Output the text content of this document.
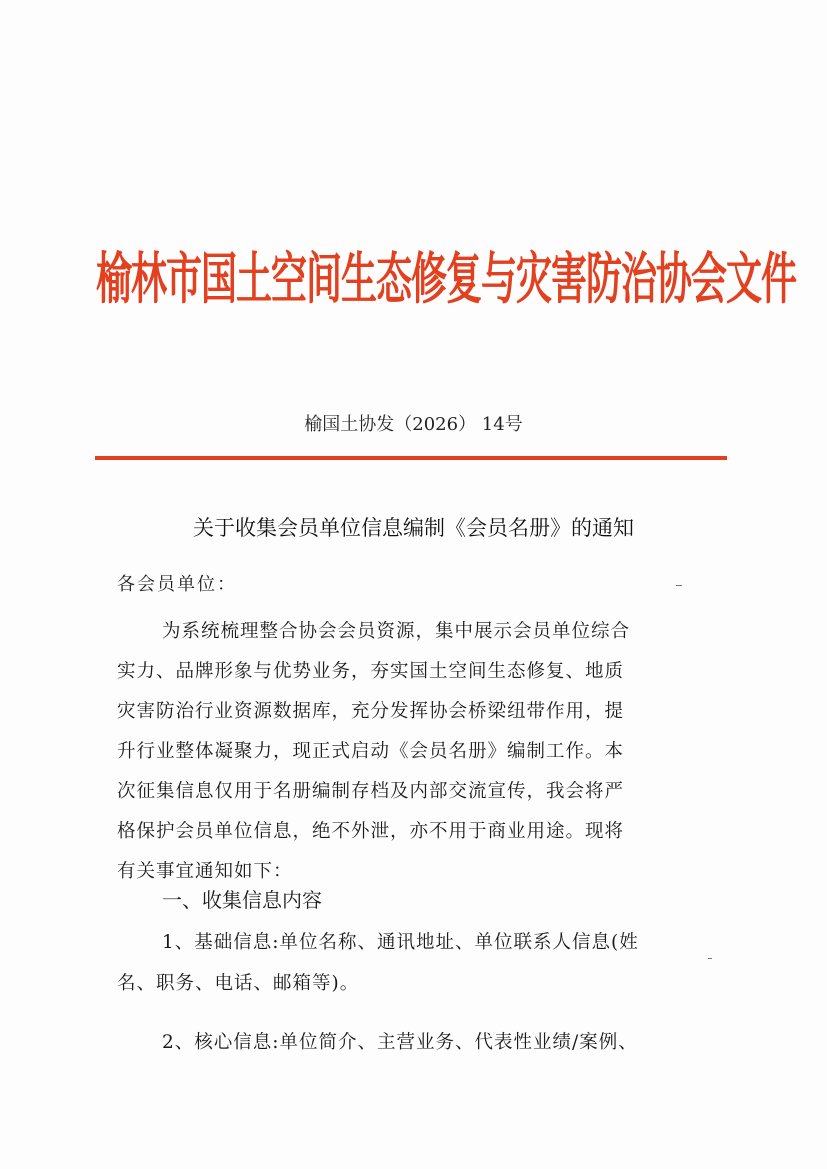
榆林市国土空间生态修复与灾害防治协会文件
榆国土协发（2026） 14号
关于收集会员单位信息编制《会员名册》的通知
各会员单位：
为系统梳理整合协会会员资源，集中展示会员单位综合
实力、品牌形象与优势业务，夯实国土空间生态修复、地质
灾害防治行业资源数据库，充分发挥协会桥梁纽带作用，提
升行业整体凝聚力，现正式启动《会员名册》编制工作。本
次征集信息仅用于名册编制存档及内部交流宣传，我会将严
格保护会员单位信息，绝不外泄，亦不用于商业用途。现将
有关事宜通知如下：
一、收集信息内容
1、基础信息:单位名称、通讯地址、单位联系人信息(姓
名、职务、电话、邮箱等)。
2、核心信息:单位简介、主营业务、代表性业绩/案例、
